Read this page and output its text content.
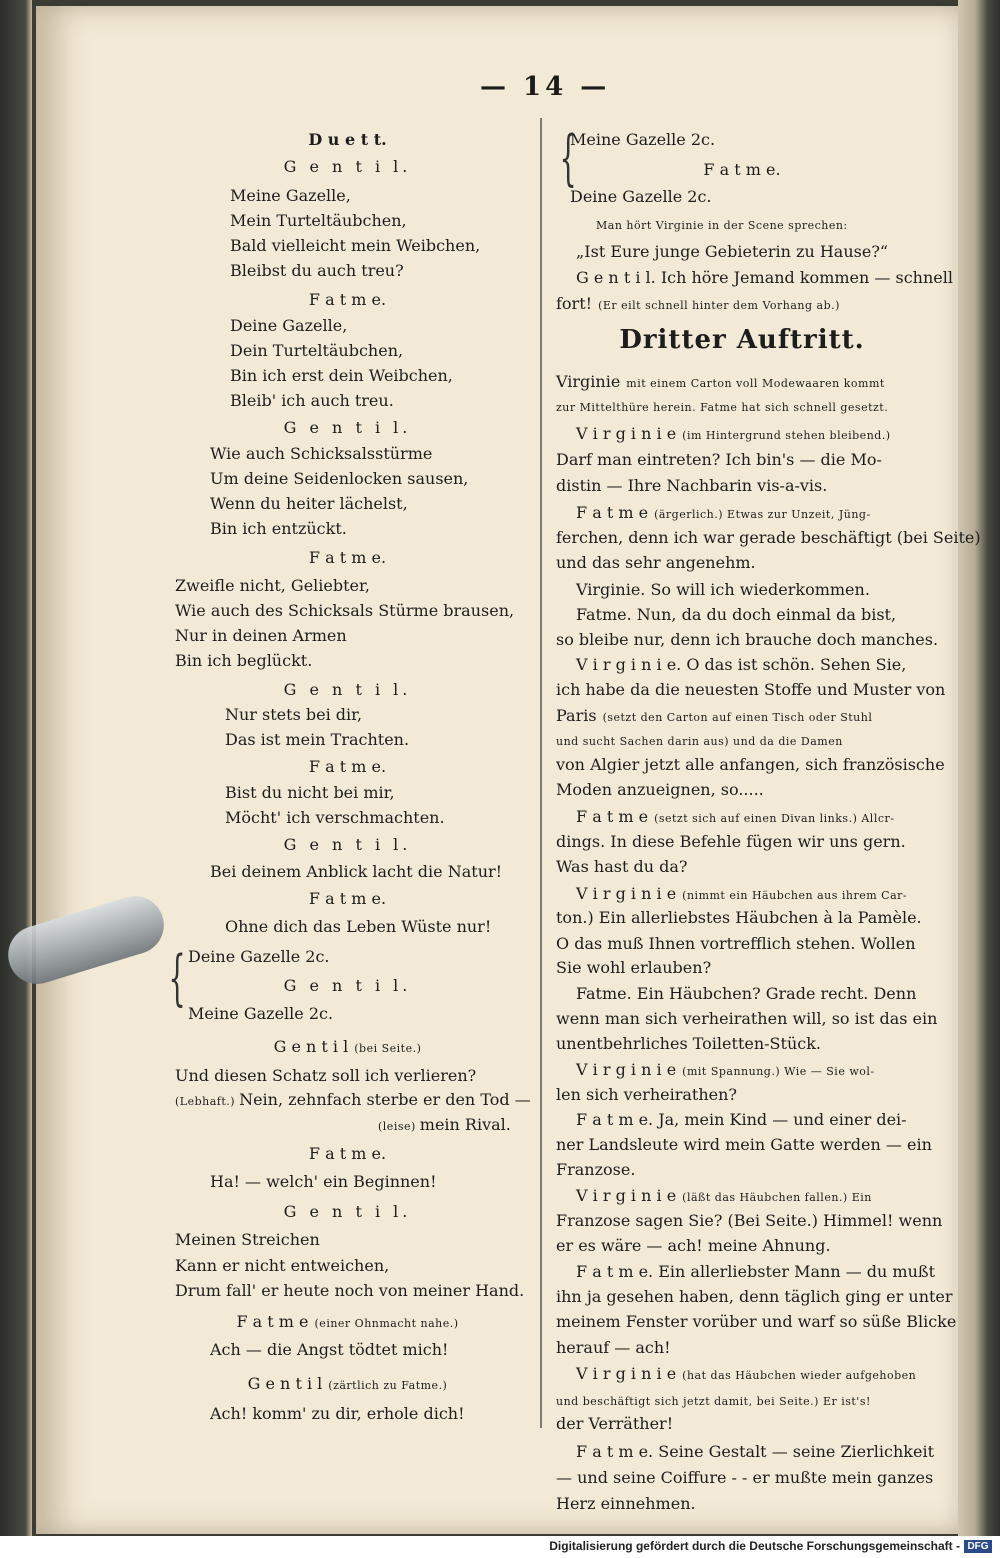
— 14 —
D u e t t.
G e n t i l.
Meine Gazelle,
Mein Turteltäubchen,
Bald vielleicht mein Weibchen,
Bleibst du auch treu?
F a t m e.
Deine Gazelle,
Dein Turteltäubchen,
Bin ich erst dein Weibchen,
Bleib' ich auch treu.
G e n t i l.
Wie auch Schicksalsstürme
Um deine Seidenlocken sausen,
Wenn du heiter lächelst,
Bin ich entzückt.
F a t m e.
Zweifle nicht, Geliebter,
Wie auch des Schicksals Stürme brausen,
Nur in deinen Armen
Bin ich beglückt.
G e n t i l.
Nur stets bei dir,
Das ist mein Trachten.
F a t m e.
Bist du nicht bei mir,
Möcht' ich verschmachten.
G e n t i l.
Bei deinem Anblick lacht die Natur!
F a t m e.
Ohne dich das Leben Wüste nur!
Deine Gazelle 2c.
G e n t i l.
Meine Gazelle 2c.
G e n t i l (bei Seite.)
Und diesen Schatz soll ich verlieren?
(Lebhaft.) Nein, zehnfach sterbe er den Tod —
(leise) mein Rival.
F a t m e.
Ha! — welch' ein Beginnen!
G e n t i l.
Meinen Streichen
Kann er nicht entweichen,
Drum fall' er heute noch von meiner Hand.
F a t m e (einer Ohnmacht nahe.)
Ach — die Angst tödtet mich!
G e n t i l (zärtlich zu Fatme.)
Ach! komm' zu dir, erhole dich!
Meine Gazelle 2c.
F a t m e.
Deine Gazelle 2c.
Man hört Virginie in der Scene sprechen:
„Ist Eure junge Gebieterin zu Hause?“
G e n t i l. Ich höre Jemand kommen — schnell
fort! (Er eilt schnell hinter dem Vorhang ab.)
Dritter Auftritt.
Virginie mit einem Carton voll Modewaaren kommt
zur Mittelthüre herein. Fatme hat sich schnell gesetzt.
V i r g i n i e (im Hintergrund stehen bleibend.)
Darf man eintreten? Ich bin's — die Mo-
distin — Ihre Nachbarin vis-a-vis.
F a t m e (ärgerlich.) Etwas zur Unzeit, Jüng-
ferchen, denn ich war gerade beschäftigt (bei Seite)
und das sehr angenehm.
Virginie. So will ich wiederkommen.
Fatme. Nun, da du doch einmal da bist,
so bleibe nur, denn ich brauche doch manches.
V i r g i n i e. O das ist schön. Sehen Sie,
ich habe da die neuesten Stoffe und Muster von
Paris (setzt den Carton auf einen Tisch oder Stuhl
und sucht Sachen darin aus) und da die Damen
von Algier jetzt alle anfangen, sich französische
Moden anzueignen, so.....
F a t m e (setzt sich auf einen Divan links.) Allcr-
dings. In diese Befehle fügen wir uns gern.
Was hast du da?
V i r g i n i e (nimmt ein Häubchen aus ihrem Car-
ton.) Ein allerliebstes Häubchen à la Pamèle.
O das muß Ihnen vortrefflich stehen. Wollen
Sie wohl erlauben?
Fatme. Ein Häubchen? Grade recht. Denn
wenn man sich verheirathen will, so ist das ein
unentbehrliches Toiletten-Stück.
V i r g i n i e (mit Spannung.) Wie — Sie wol-
len sich verheirathen?
F a t m e. Ja, mein Kind — und einer dei-
ner Landsleute wird mein Gatte werden — ein
Franzose.
V i r g i n i e (läßt das Häubchen fallen.) Ein
Franzose sagen Sie? (Bei Seite.) Himmel! wenn
er es wäre — ach! meine Ahnung.
F a t m e. Ein allerliebster Mann — du mußt
ihn ja gesehen haben, denn täglich ging er unter
meinem Fenster vorüber und warf so süße Blicke
herauf — ach!
V i r g i n i e (hat das Häubchen wieder aufgehoben
und beschäftigt sich jetzt damit, bei Seite.) Er ist's!
der Verräther!
F a t m e. Seine Gestalt — seine Zierlichkeit
— und seine Coiffure - - er mußte mein ganzes
Herz einnehmen.
{
{
Digitalisierung gefördert durch die Deutsche Forschungsgemeinschaft - DFG
